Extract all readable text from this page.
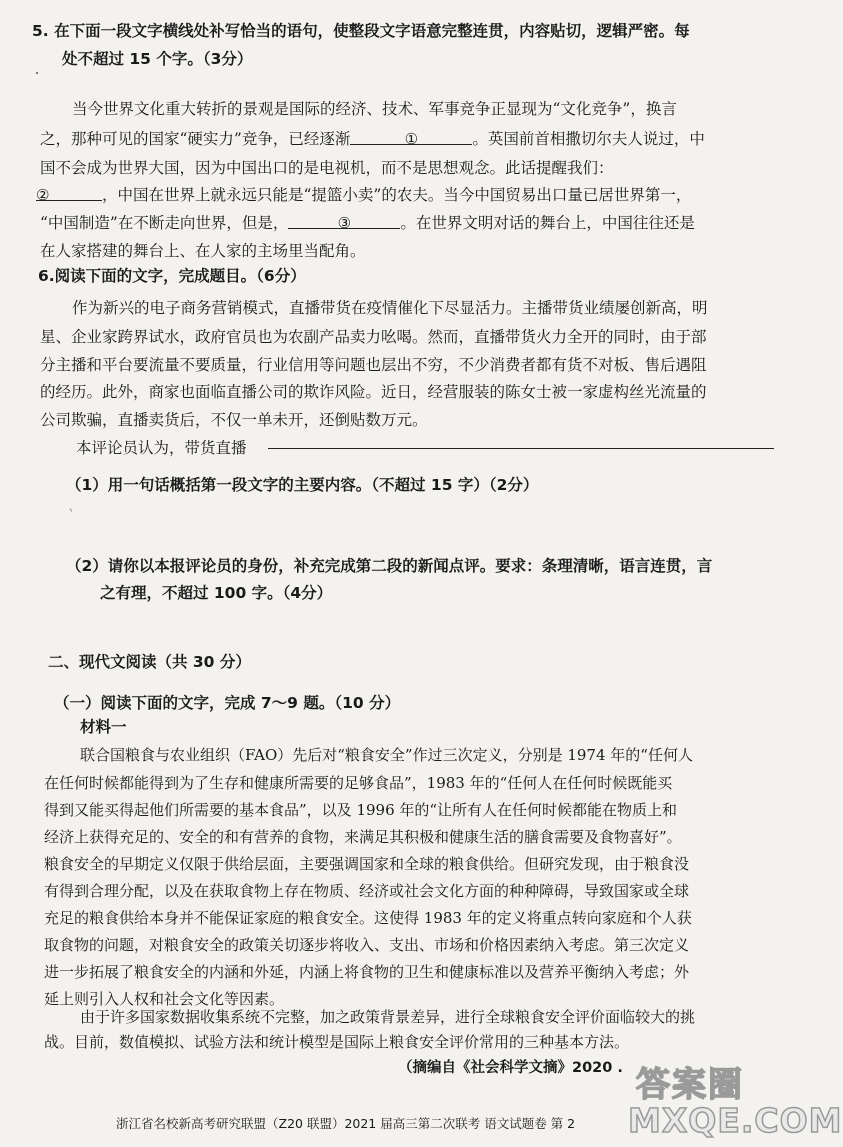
5. 在下面一段文字横线处补写恰当的语句，使整段文字语意完整连贯，内容贴切，逻辑严密。每
处不超过 15 个字。（3分）
当今世界文化重大转折的景观是国际的经济、技术、军事竞争正显现为“文化竞争”，换言
之，那种可见的国家“硬实力”竞争，已经逐渐	①	。英国前首相撒切尔夫人说过，中
国不会成为世界大国，因为中国出口的是电视机，而不是思想观念。此话提醒我们：
②	，中国在世界上就永远只能是“提篮小卖”的农夫。当今中国贸易出口量已居世界第一，
“中国制造”在不断走向世界，但是，	③	。在世界文明对话的舞台上，中国往往还是
在人家搭建的舞台上、在人家的主场里当配角。
6.阅读下面的文字，完成题目。（6分）
作为新兴的电子商务营销模式，直播带货在疫情催化下尽显活力。主播带货业绩屡创新高，明
星、企业家跨界试水，政府官员也为农副产品卖力吆喝。然而，直播带货火力全开的同时，由于部
分主播和平台要流量不要质量，行业信用等问题也层出不穷，不少消费者都有货不对板、售后遇阻
的经历。此外，商家也面临直播公司的欺诈风险。近日，经营服装的陈女士被一家虚构丝光流量的
公司欺骗，直播卖货后，不仅一单未开，还倒贴数万元。
本评论员认为，带货直播
（1）用一句话概括第一段文字的主要内容。（不超过 15 字）（2分）
ˋ
（2）请你以本报评论员的身份，补充完成第二段的新闻点评。要求：条理清晰，语言连贯，言
之有理，不超过 100 字。（4分）
二、现代文阅读（共 30 分）
（一）阅读下面的文字，完成 7～9 题。（10 分）
材料一
联合国粮食与农业组织（FAO）先后对“粮食安全”作过三次定义，分别是 1974 年的“任何人
在任何时候都能得到为了生存和健康所需要的足够食品”，1983 年的“任何人在任何时候既能买
得到又能买得起他们所需要的基本食品”，以及 1996 年的“让所有人在任何时候都能在物质上和
经济上获得充足的、安全的和有营养的食物，来满足其积极和健康生活的膳食需要及食物喜好”。
粮食安全的早期定义仅限于供给层面，主要强调国家和全球的粮食供给。但研究发现，由于粮食没
有得到合理分配，以及在获取食物上存在物质、经济或社会文化方面的种种障碍，导致国家或全球
充足的粮食供给本身并不能保证家庭的粮食安全。这使得 1983 年的定义将重点转向家庭和个人获
取食物的问题，对粮食安全的政策关切逐步将收入、支出、市场和价格因素纳入考虑。第三次定义
进一步拓展了粮食安全的内涵和外延，内涵上将食物的卫生和健康标准以及营养平衡纳入考虑；外
延上则引入人权和社会文化等因素。
由于许多国家数据收集系统不完整，加之政策背景差异，进行全球粮食安全评价面临较大的挑
战。目前，数值模拟、试验方法和统计模型是国际上粮食安全评价常用的三种基本方法。
（摘编自《社会科学文摘》2020 .
浙江省名校新高考研究联盟（Z20 联盟）2021 届高三第二次联考 语文试题卷 第 2
答案圈
MXQE.COM
